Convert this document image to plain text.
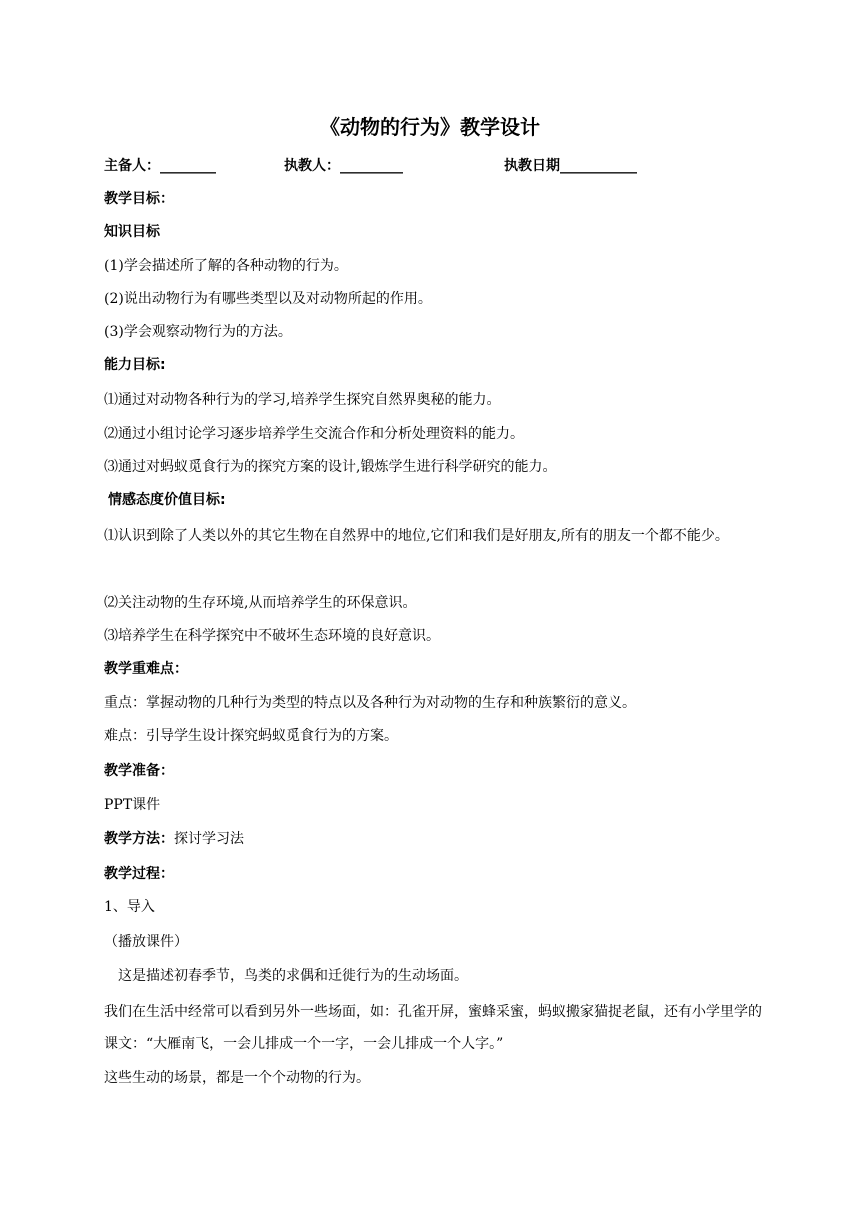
《动物的行为》教学设计
主备人：________	执教人：_________	执教日期___________
教学目标：
知识目标
(1)学会描述所了解的各种动物的行为。
(2)说出动物行为有哪些类型以及对动物所起的作用。
(3)学会观察动物行为的方法。
能力目标:
⑴通过对动物各种行为的学习,培养学生探究自然界奥秘的能力。
⑵通过小组讨论学习逐步培养学生交流合作和分析处理资料的能力。
⑶通过对蚂蚁觅食行为的探究方案的设计,锻炼学生进行科学研究的能力。
情感态度价值目标:
⑴认识到除了人类以外的其它生物在自然界中的地位,它们和我们是好朋友,所有的朋友一个都不能少。
⑵关注动物的生存环境,从而培养学生的环保意识。
⑶培养学生在科学探究中不破坏生态环境的良好意识。
教学重难点：
重点：掌握动物的几种行为类型的特点以及各种行为对动物的生存和种族繁衍的意义。
难点：引导学生设计探究蚂蚁觅食行为的方案。
教学准备：
PPT课件
教学方法：探讨学习法
教学过程：
1、导入
（播放课件）
这是描述初春季节，鸟类的求偶和迁徙行为的生动场面。
我们在生活中经常可以看到另外一些场面，如：孔雀开屏，蜜蜂采蜜，蚂蚁搬家猫捉老鼠，还有小学里学的课文：“大雁南飞，一会儿排成一个一字，一会儿排成一个人字。”
这些生动的场景，都是一个个动物的行为。
